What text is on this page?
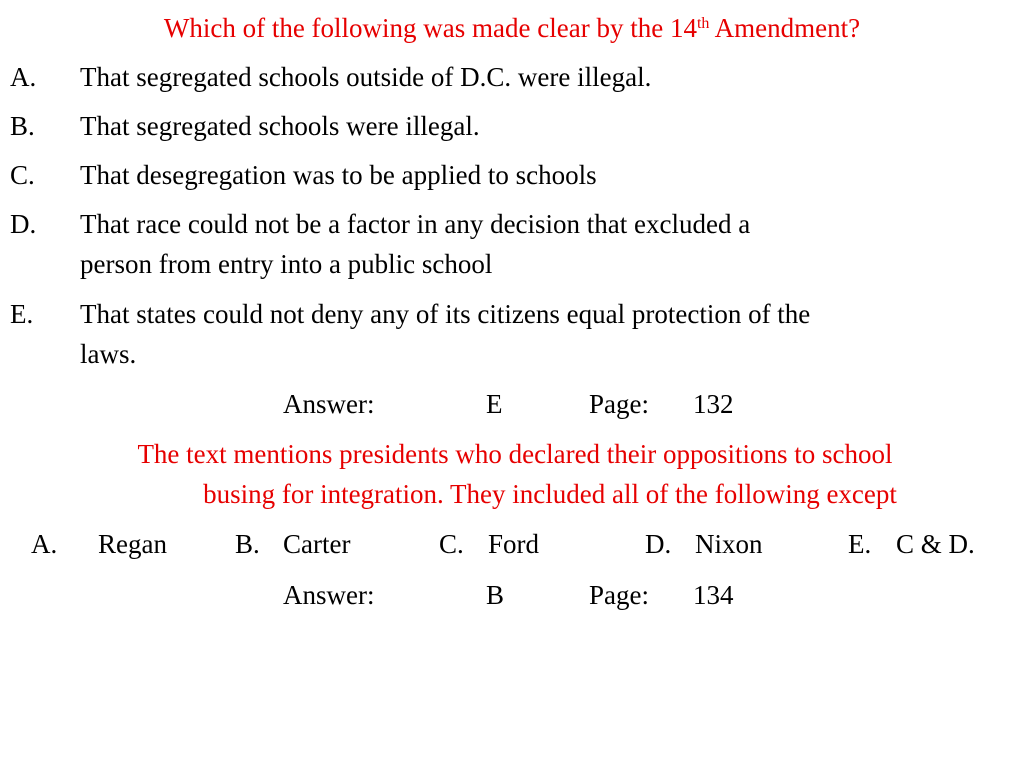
Which of the following was made clear by the 14th Amendment?
A. That segregated schools outside of D.C. were illegal.
B. That segregated schools were illegal.
C. That desegregation was to be applied to schools
D. That race could not be a factor in any decision that excluded a
person from entry into a public school
E. That states could not deny any of its citizens equal protection of the
laws.
Answer:	E	Page: 132
The text mentions presidents who declared their oppositions to school
busing for integration. They included all of the following except
A. Regan	B. Carter	C. Ford	D. Nixon	E. C & D.
Answer:	B	Page: 134
